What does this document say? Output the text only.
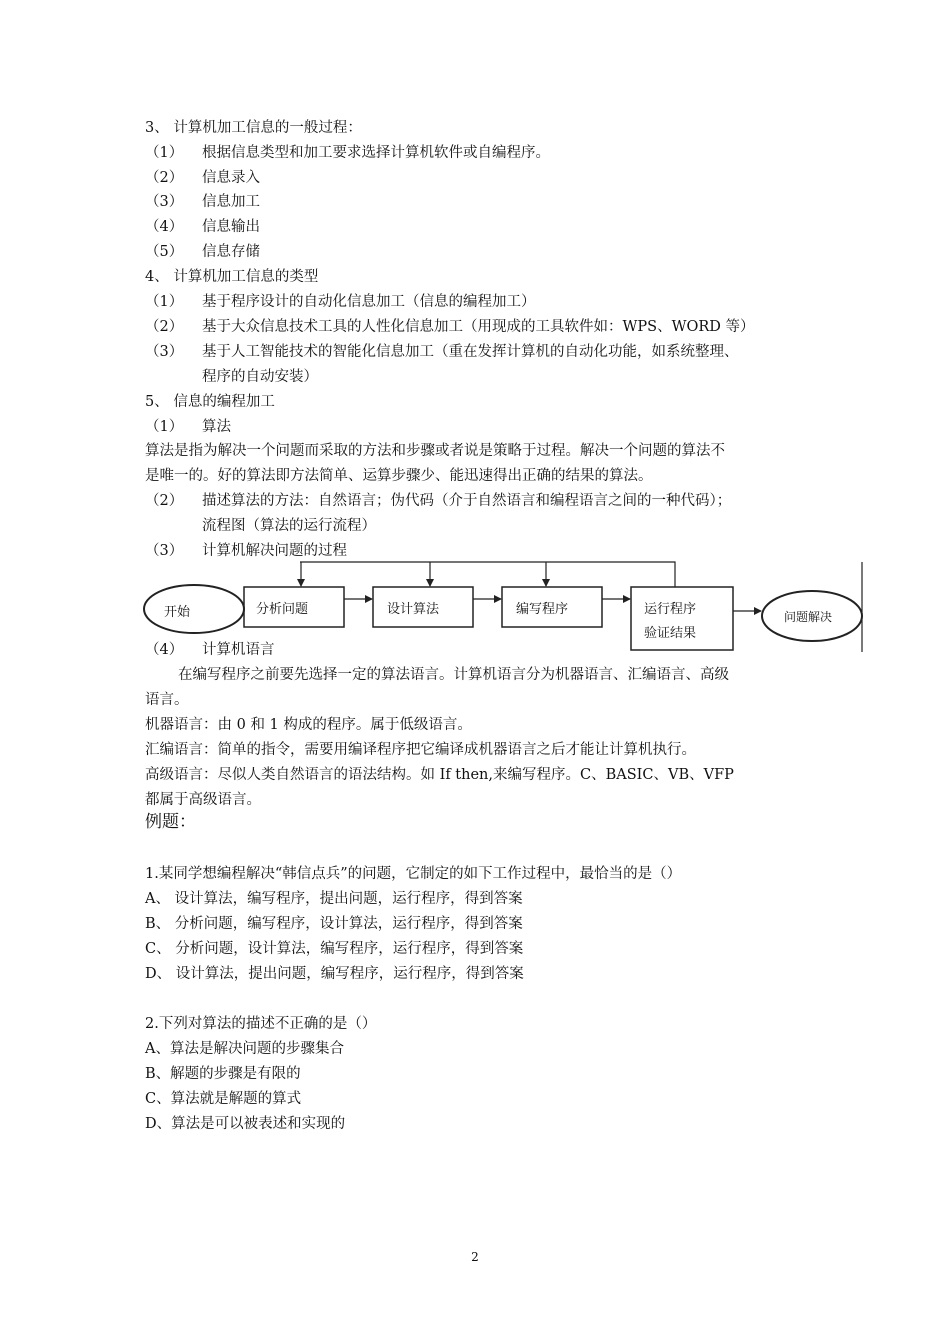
3、 计算机加工信息的一般过程：
（1） 根据信息类型和加工要求选择计算机软件或自编程序。
（2） 信息录入
（3） 信息加工
（4） 信息输出
（5） 信息存储
4、 计算机加工信息的类型
（1） 基于程序设计的自动化信息加工（信息的编程加工）
（2） 基于大众信息技术工具的人性化信息加工（用现成的工具软件如：WPS、WORD 等）
（3） 基于人工智能技术的智能化信息加工（重在发挥计算机的自动化功能，如系统整理、
程序的自动安装）
5、 信息的编程加工
（1） 算法
算法是指为解决一个问题而采取的方法和步骤或者说是策略于过程。解决一个问题的算法不
是唯一的。好的算法即方法简单、运算步骤少、能迅速得出正确的结果的算法。
（2） 描述算法的方法：自然语言；伪代码（介于自然语言和编程语言之间的一种代码）；
流程图（算法的运行流程）
（3） 计算机解决问题的过程
开始	分析问题	设计算法	编写程序	运行程序
验证结果
问题解决
（4） 计算机语言
在编写程序之前要先选择一定的算法语言。计算机语言分为机器语言、汇编语言、高级
语言。
机器语言：由 0 和 1 构成的程序。属于低级语言。
汇编语言：简单的指令，需要用编译程序把它编译成机器语言之后才能让计算机执行。
高级语言：尽似人类自然语言的语法结构。如 If then,来编写程序。C、BASIC、VB、VFP
都属于高级语言。
例题：
1.某同学想编程解决“韩信点兵”的问题，它制定的如下工作过程中，最恰当的是（）
A、 设计算法，编写程序，提出问题，运行程序，得到答案
B、 分析问题，编写程序，设计算法，运行程序，得到答案
C、 分析问题，设计算法，编写程序，运行程序，得到答案
D、 设计算法，提出问题，编写程序，运行程序，得到答案
2.下列对算法的描述不正确的是（）
A、算法是解决问题的步骤集合
B、解题的步骤是有限的
C、算法就是解题的算式
D、算法是可以被表述和实现的
2
